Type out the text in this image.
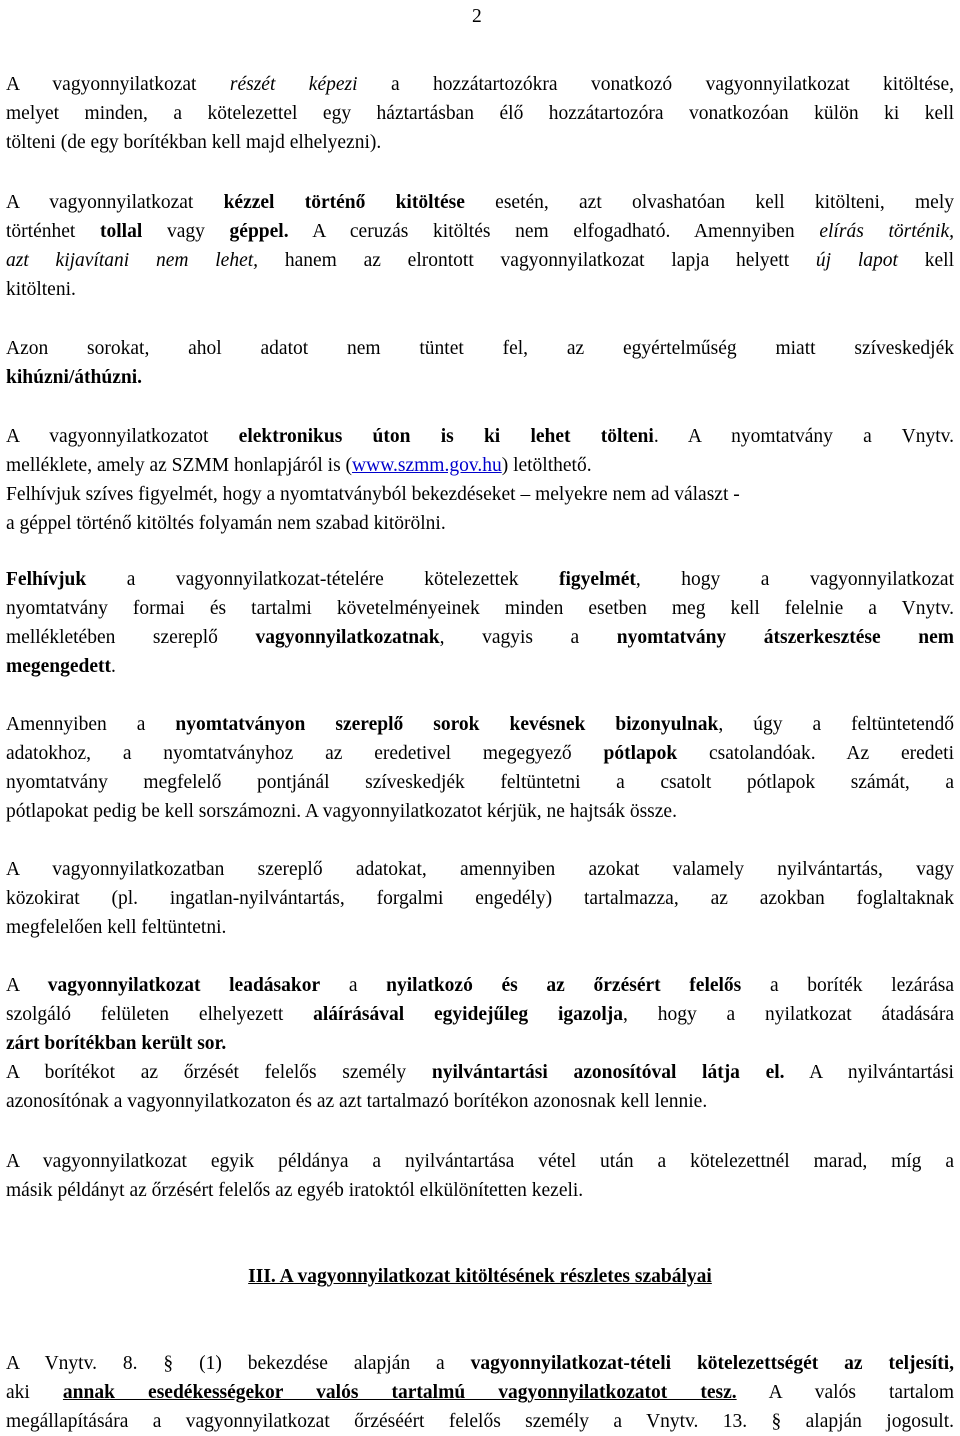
2
A vagyonnyilatkozat részét képezi a hozzátartozókra vonatkozó vagyonnyilatkozat kitöltése,
melyet minden, a kötelezettel egy háztartásban élő hozzátartozóra vonatkozóan külön ki kell
tölteni (de egy borítékban kell majd elhelyezni).
A vagyonnyilatkozat kézzel történő kitöltése esetén, azt olvashatóan kell kitölteni, mely
történhet tollal vagy géppel. A ceruzás kitöltés nem elfogadható. Amennyiben elírás történik,
azt kijavítani nem lehet, hanem az elrontott vagyonnyilatkozat lapja helyett új lapot kell
kitölteni.
Azon sorokat, ahol adatot nem tüntet fel, az egyértelműség miatt szíveskedjék
kihúzni/áthúzni.
A vagyonnyilatkozatot elektronikus úton is ki lehet tölteni. A nyomtatvány a Vnytv.
melléklete, amely az SZMM honlapjáról is (www.szmm.gov.hu) letölthető.
Felhívjuk szíves figyelmét, hogy a nyomtatványból bekezdéseket – melyekre nem ad választ -
a géppel történő kitöltés folyamán nem szabad kitörölni.
Felhívjuk a vagyonnyilatkozat-tételére kötelezettek figyelmét, hogy a vagyonnyilatkozat
nyomtatvány formai és tartalmi követelményeinek minden esetben meg kell felelnie a Vnytv.
mellékletében szereplő vagyonnyilatkozatnak, vagyis a nyomtatvány átszerkesztése nem
megengedett.
Amennyiben a nyomtatványon szereplő sorok kevésnek bizonyulnak, úgy a feltüntetendő
adatokhoz, a nyomtatványhoz az eredetivel megegyező pótlapok csatolandóak. Az eredeti
nyomtatvány megfelelő pontjánál szíveskedjék feltüntetni a csatolt pótlapok számát, a
pótlapokat pedig be kell sorszámozni. A vagyonnyilatkozatot kérjük, ne hajtsák össze.
A vagyonnyilatkozatban szereplő adatokat, amennyiben azokat valamely nyilvántartás, vagy
közokirat (pl. ingatlan-nyilvántartás, forgalmi engedély) tartalmazza, az azokban foglaltaknak
megfelelően kell feltüntetni.
A vagyonnyilatkozat leadásakor a nyilatkozó és az őrzésért felelős a boríték lezárása
szolgáló felületen elhelyezett aláírásával egyidejűleg igazolja, hogy a nyilatkozat átadására
zárt borítékban került sor.
A borítékot az őrzését felelős személy nyilvántartási azonosítóval látja el. A nyilvántartási
azonosítónak a vagyonnyilatkozaton és az azt tartalmazó borítékon azonosnak kell lennie.
A vagyonnyilatkozat egyik példánya a nyilvántartása vétel után a kötelezettnél marad, míg a
másik példányt az őrzésért felelős az egyéb iratoktól elkülönítetten kezeli.
III. A vagyonnyilatkozat kitöltésének részletes szabályai
A Vnytv. 8. § (1) bekezdése alapján a vagyonnyilatkozat-tételi kötelezettségét az teljesíti,
aki annak esedékességekor valós tartalmú vagyonnyilatkozatot tesz. A valós tartalom
megállapítására a vagyonnyilatkozat őrzéséért felelős személy a Vnytv. 13. § alapján jogosult.
